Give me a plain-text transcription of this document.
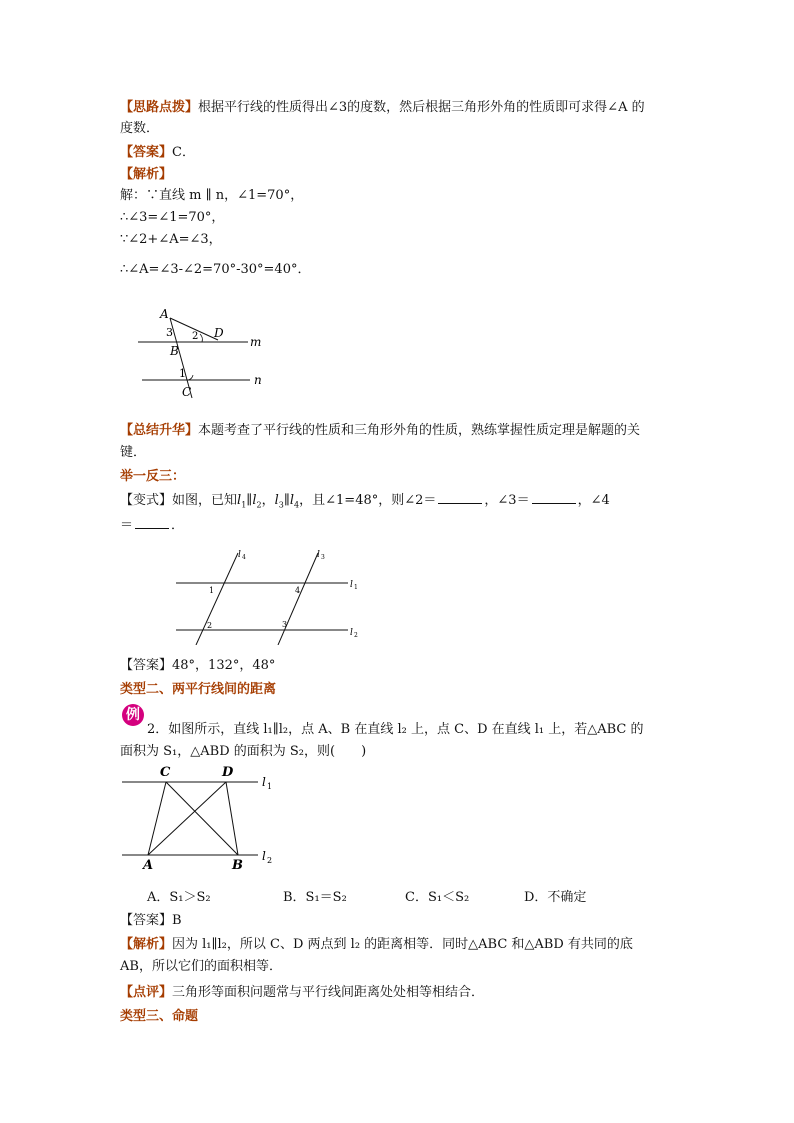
【思路点拨】根据平行线的性质得出∠3的度数，然后根据三角形外角的性质即可求得∠A 的
度数．
【答案】C．
【解析】
解：∵直线 m ∥ n，∠1=70°，
∴∠3=∠1=70°，
∵∠2+∠A=∠3，
∴∠A=∠3-∠2=70°-30°=40°．
A
3 2 D
m
B
1	n
C
【总结升华】本题考查了平行线的性质和三角形外角的性质，熟练掌握性质定理是解题的关
键．
举一反三：
【变式】如图，已知$l_1\parallel l_2$，$l_3\parallel l_4$，且∠1=48°，则∠2＝	，∠3＝	，∠4
＝	．
l 4	l 3
1	4
l 1
2	3
l 2
【答案】48°，132°，48°
类型二、两平行线间的距离
例
2．如图所示，直线 l₁∥l₂，点 A、B 在直线 l₂ 上，点 C、D 在直线 l₁ 上，若△ABC 的
面积为 S₁，△ABD 的面积为 S₂，则(　　)
C	D
l 1
A	B
l 2
A．S₁＞S₂	B．S₁＝S₂	C．S₁＜S₂	D．不确定
【答案】B
【解析】因为 l₁∥l₂，所以 C、D 两点到 l₂ 的距离相等．同时△ABC 和△ABD 有共同的底
AB，所以它们的面积相等．
【点评】三角形等面积问题常与平行线间距离处处相等相结合．
类型三、命题
